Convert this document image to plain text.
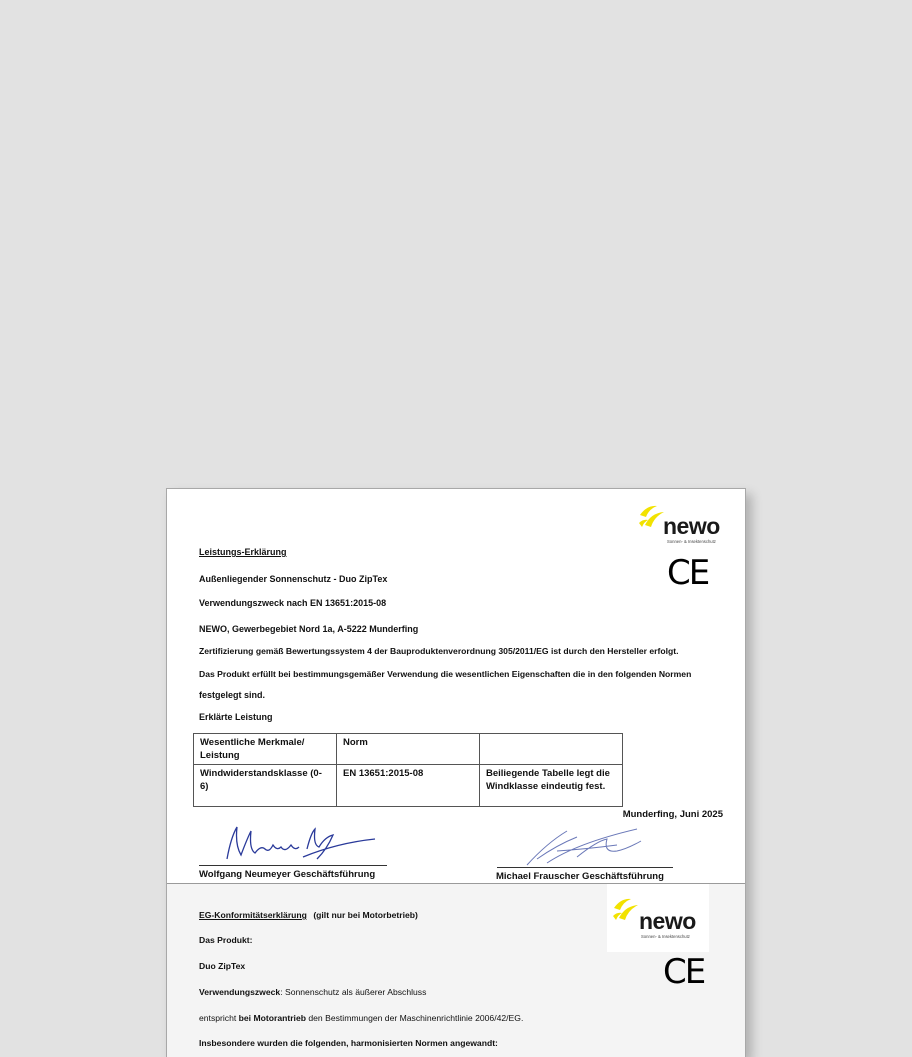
newo
Sonnen- & Insektenschutz
CE
Leistungs-Erklärung
Außenliegender Sonnenschutz - Duo ZipTex
Verwendungszweck nach EN 13651:2015-08
NEWO, Gewerbegebiet Nord 1a, A-5222 Munderfing
Zertifizierung gemäß Bewertungssystem 4 der Bauproduktenverordnung 305/2011/EG ist durch den Hersteller erfolgt.
Das Produkt erfüllt bei bestimmungsgemäßer Verwendung die wesentlichen Eigenschaften die in den folgenden Normen
festgelegt sind.
Erklärte Leistung
Wesentliche Merkmale/ Leistung	Norm	
Windwiderstandsklasse (0-6)	EN 13651:2015-08	Beiliegende Tabelle legt die Windklasse eindeutig fest.
Munderfing, Juni 2025
Wolfgang Neumeyer Geschäftsführung	Michael Frauscher Geschäftsführung
newo
Sonnen- & Insektenschutz
CE
EG-Konformitätserklärung (gilt nur bei Motorbetrieb)
Das Produkt:
Duo ZipTex
Verwendungszweck: Sonnenschutz als äußerer Abschluss
entspricht bei Motorantrieb den Bestimmungen der Maschinenrichtlinie 2006/42/EG.
Insbesondere wurden die folgenden, harmonisierten Normen angewandt:
